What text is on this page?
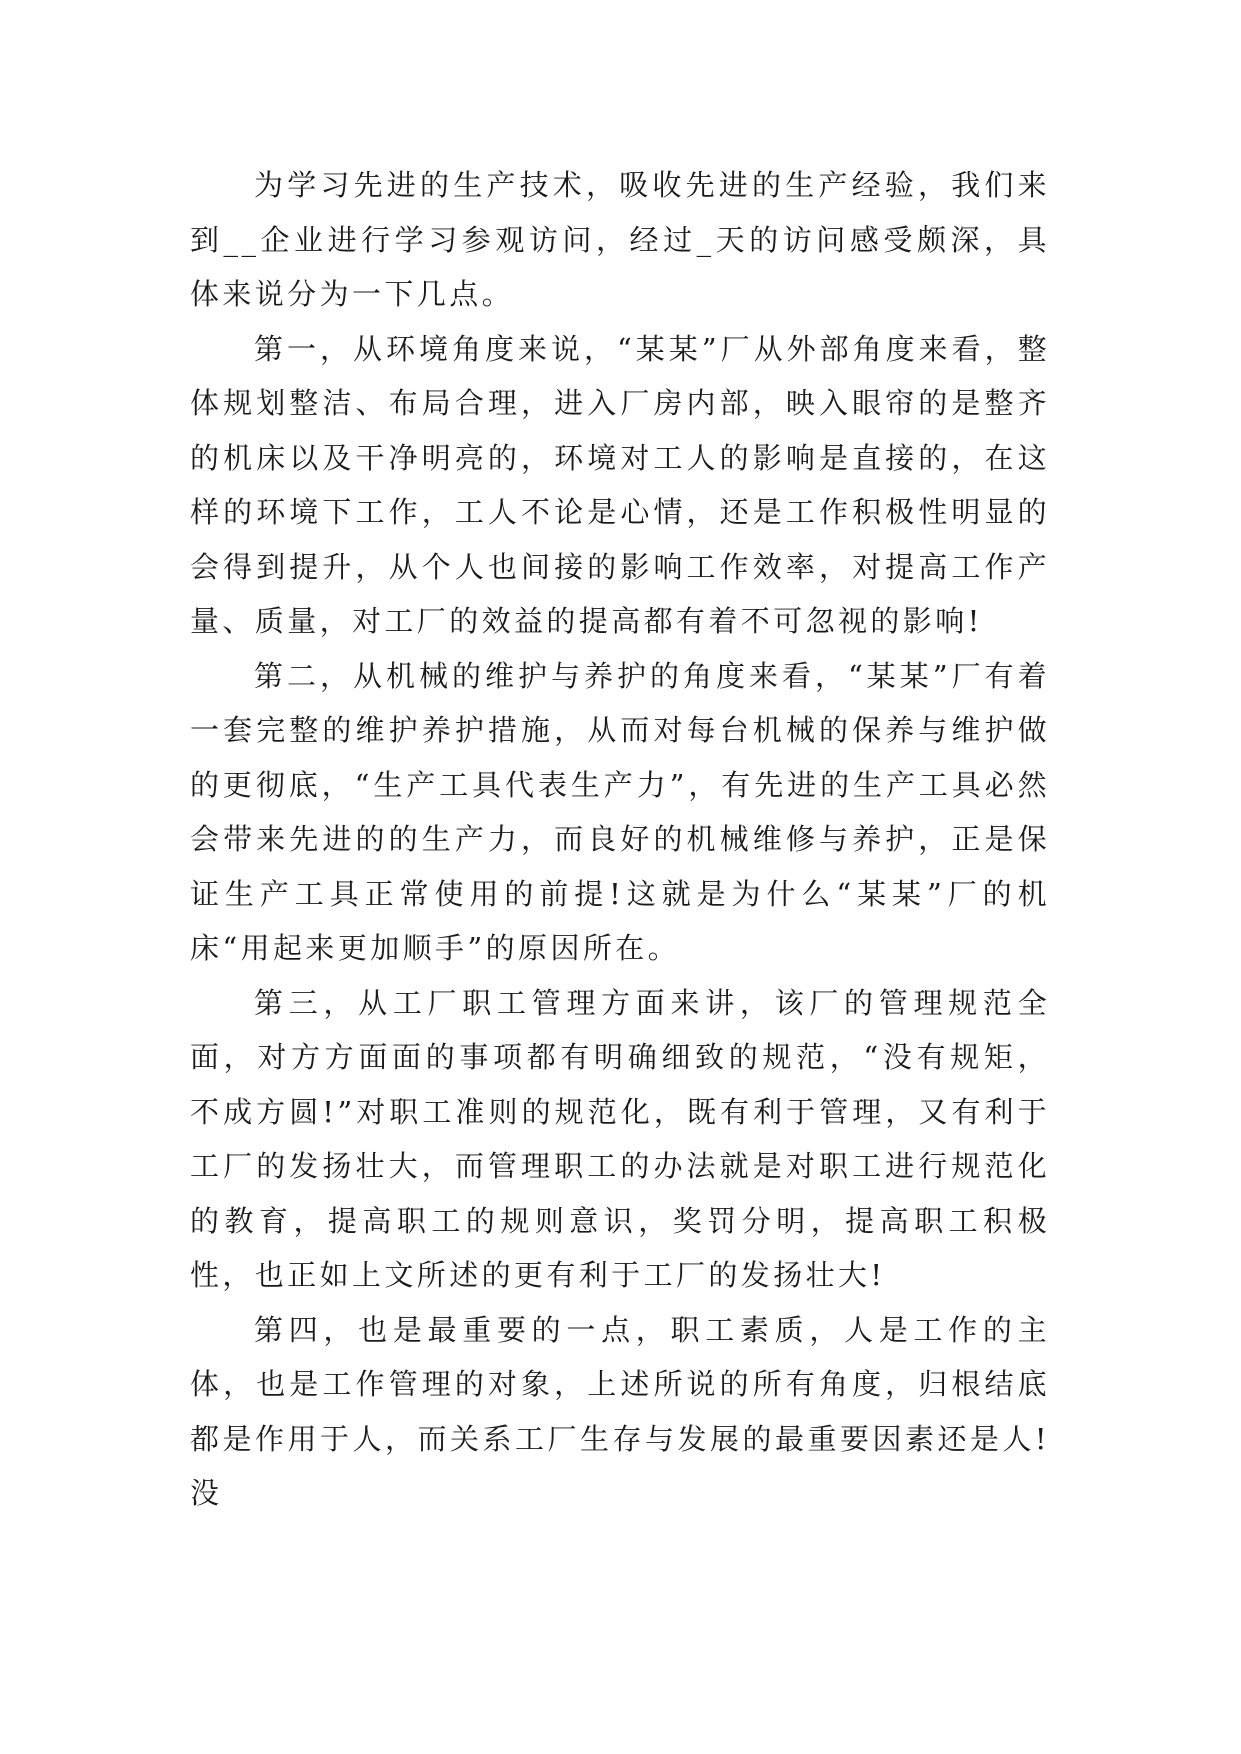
为学习先进的生产技术，吸收先进的生产经验，我们来到__企业进行学习参观访问，经过_天的访问感受颇深，具体来说分为一下几点。

第一，从环境角度来说，“某某”厂从外部角度来看，整体规划整洁、布局合理，进入厂房内部，映入眼帘的是整齐的机床以及干净明亮的，环境对工人的影响是直接的，在这样的环境下工作，工人不论是心情，还是工作积极性明显的会得到提升，从个人也间接的影响工作效率，对提高工作产量、质量，对工厂的效益的提高都有着不可忽视的影响!

第二，从机械的维护与养护的角度来看，“某某”厂有着一套完整的维护养护措施，从而对每台机械的保养与维护做的更彻底，“生产工具代表生产力”，有先进的生产工具必然会带来先进的的生产力，而良好的机械维修与养护，正是保证生产工具正常使用的前提!这就是为什么“某某”厂的机床“用起来更加顺手”的原因所在。

第三，从工厂职工管理方面来讲，该厂的管理规范全面，对方方面面的事项都有明确细致的规范，“没有规矩，不成方圆!”对职工准则的规范化，既有利于管理，又有利于工厂的发扬壮大，而管理职工的办法就是对职工进行规范化的教育，提高职工的规则意识，奖罚分明，提高职工积极性，也正如上文所述的更有利于工厂的发扬壮大!

第四，也是最重要的一点，职工素质，人是工作的主体，也是工作管理的对象，上述所说的所有角度，归根结底都是作用于人，而关系工厂生存与发展的最重要因素还是人!没
